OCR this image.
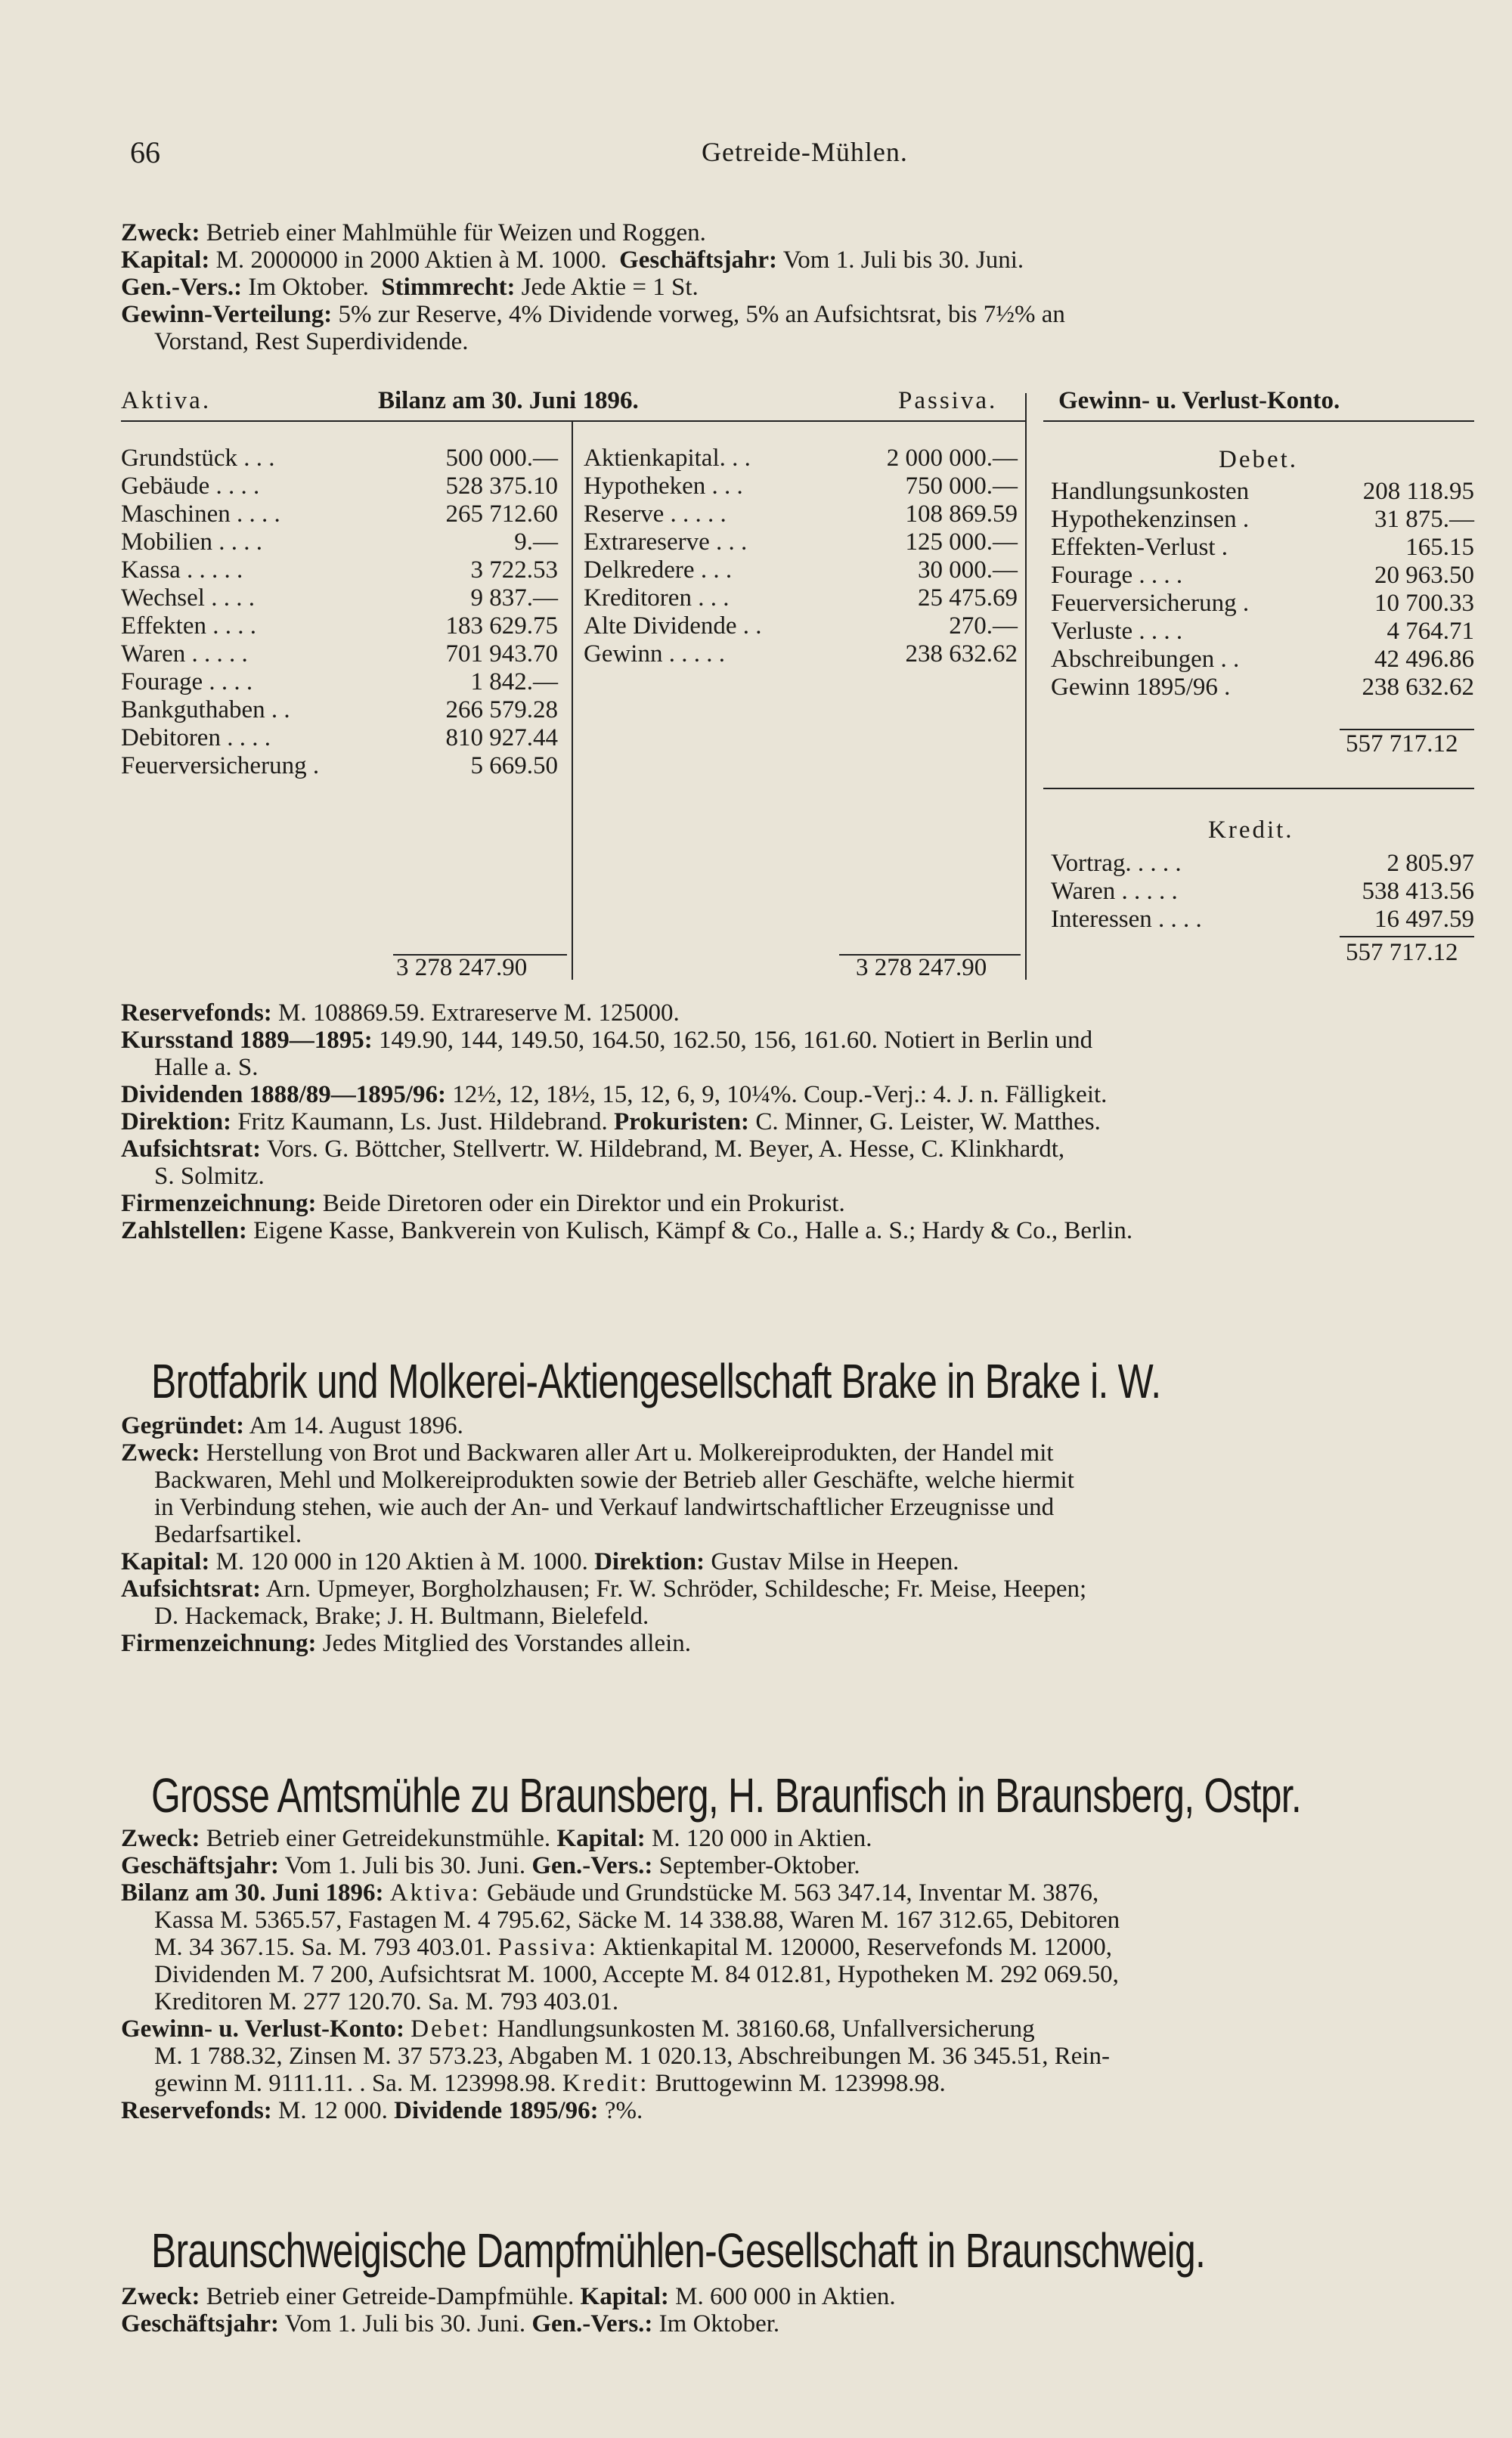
66	Getreide-Mühlen.

Zweck: Betrieb einer Mahlmühle für Weizen und Roggen.

Kapital: M. 2000000 in 2000 Aktien à M. 1000. Geschäftsjahr: Vom 1. Juli bis 30. Juni.

Gen.-Vers.: Im Oktober. Stimmrecht: Jede Aktie = 1 St.

Gewinn-Verteilung: 5% zur Reserve, 4% Dividende vorweg, 5% an Aufsichtsrat, bis 7½% an

Vorstand, Rest Superdividende.

Aktiva.	Bilanz am 30. Juni 1896.	Passiva. Gewinn- u. Verlust-Konto.
Grundstück . . .	500 000.—
Gebäude . . . .	528 375.10
Maschinen . . . .	265 712.60
Mobilien . . . .	9.—
Kassa . . . . .	3 722.53
Wechsel . . . .	9 837.—
Effekten . . . .	183 629.75
Waren . . . . .	701 943.70
Fourage . . . .	1 842.—
Bankguthaben . .	266 579.28
Debitoren . . . .	810 927.44
Feuerversicherung .	5 669.50
Aktienkapital. . .	2 000 000.—
Hypotheken . . .	750 000.—
Reserve . . . . .	108 869.59
Extrareserve . . .	125 000.—
Delkredere . . .	30 000.—
Kreditoren . . .	25 475.69
Alte Dividende . .	270.—
Gewinn . . . . .	238 632.62
3 278 247.90	3 278 247.90
Debet.
Handlungsunkosten	208 118.95
Hypothekenzinsen .	31 875.—
Effekten-Verlust .	165.15
Fourage . . . .	20 963.50
Feuerversicherung .	10 700.33
Verluste . . . .	4 764.71
Abschreibungen . .	42 496.86
Gewinn 1895/96 .	238 632.62
557 717.12
Kredit.
Vortrag. . . . .	2 805.97
Waren . . . . .	538 413.56
Interessen . . . .	16 497.59
557 717.12

Reservefonds: M. 108869.59. Extrareserve M. 125000.

Kursstand 1889—1895: 149.90, 144, 149.50, 164.50, 162.50, 156, 161.60. Notiert in Berlin und

Halle a. S.

Dividenden 1888/89—1895/96: 12½, 12, 18½, 15, 12, 6, 9, 10¼%. Coup.-Verj.: 4. J. n. Fälligkeit.

Direktion: Fritz Kaumann, Ls. Just. Hildebrand. Prokuristen: C. Minner, G. Leister, W. Matthes.

Aufsichtsrat: Vors. G. Böttcher, Stellvertr. W. Hildebrand, M. Beyer, A. Hesse, C. Klinkhardt,

S. Solmitz.

Firmenzeichnung: Beide Diretoren oder ein Direktor und ein Prokurist.

Zahlstellen: Eigene Kasse, Bankverein von Kulisch, Kämpf & Co., Halle a. S.; Hardy & Co., Berlin.

Brotfabrik und Molkerei-Aktiengesellschaft Brake in Brake i. W.

Gegründet: Am 14. August 1896.

Zweck: Herstellung von Brot und Backwaren aller Art u. Molkereiprodukten, der Handel mit

Backwaren, Mehl und Molkereiprodukten sowie der Betrieb aller Geschäfte, welche hiermit

in Verbindung stehen, wie auch der An- und Verkauf landwirtschaftlicher Erzeugnisse und

Bedarfsartikel.

Kapital: M. 120 000 in 120 Aktien à M. 1000. Direktion: Gustav Milse in Heepen.

Aufsichtsrat: Arn. Upmeyer, Borgholzhausen; Fr. W. Schröder, Schildesche; Fr. Meise, Heepen;

D. Hackemack, Brake; J. H. Bultmann, Bielefeld.

Firmenzeichnung: Jedes Mitglied des Vorstandes allein.

Grosse Amtsmühle zu Braunsberg, H. Braunfisch in Braunsberg, Ostpr.

Zweck: Betrieb einer Getreidekunstmühle. Kapital: M. 120 000 in Aktien.

Geschäftsjahr: Vom 1. Juli bis 30. Juni. Gen.-Vers.: September-Oktober.

Bilanz am 30. Juni 1896: Aktiva: Gebäude und Grundstücke M. 563 347.14, Inventar M. 3876,

Kassa M. 5365.57, Fastagen M. 4 795.62, Säcke M. 14 338.88, Waren M. 167 312.65, Debitoren

M. 34 367.15. Sa. M. 793 403.01. Passiva: Aktienkapital M. 120000, Reservefonds M. 12000,

Dividenden M. 7 200, Aufsichtsrat M. 1000, Accepte M. 84 012.81, Hypotheken M. 292 069.50,

Kreditoren M. 277 120.70. Sa. M. 793 403.01.

Gewinn- u. Verlust-Konto: Debet: Handlungsunkosten M. 38160.68, Unfallversicherung

M. 1 788.32, Zinsen M. 37 573.23, Abgaben M. 1 020.13, Abschreibungen M. 36 345.51, Rein-

gewinn M. 9111.11. . Sa. M. 123998.98. Kredit: Bruttogewinn M. 123998.98.

Reservefonds: M. 12 000. Dividende 1895/96: ?%.

Braunschweigische Dampfmühlen-Gesellschaft in Braunschweig.

Zweck: Betrieb einer Getreide-Dampfmühle. Kapital: M. 600 000 in Aktien.

Geschäftsjahr: Vom 1. Juli bis 30. Juni. Gen.-Vers.: Im Oktober.
